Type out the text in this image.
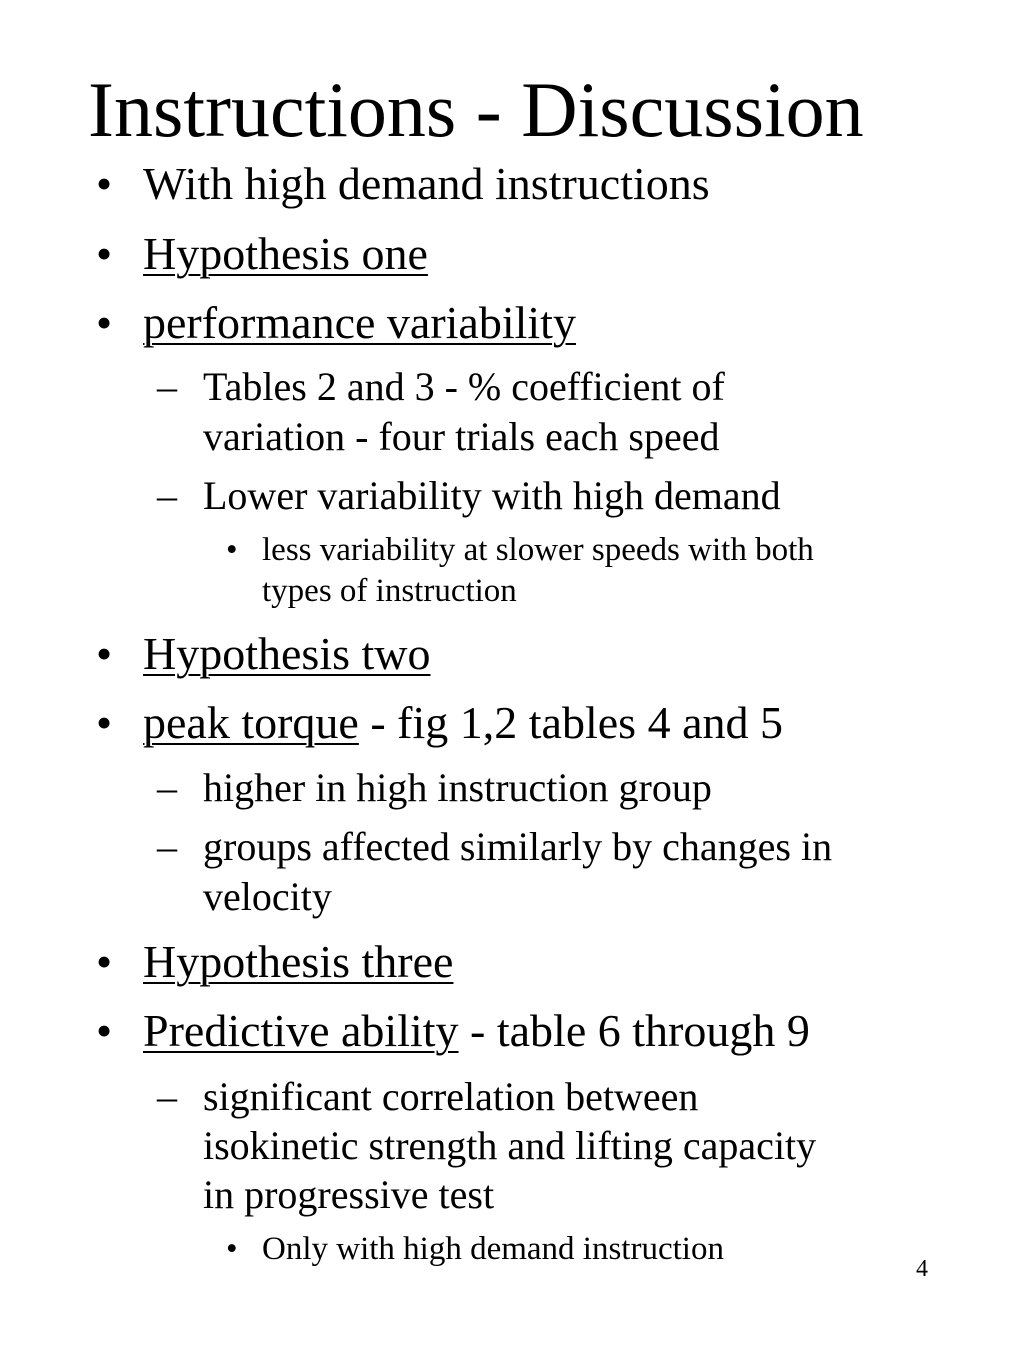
Instructions - Discussion
• With high demand instructions
• Hypothesis one
• performance variability
– Tables 2 and 3 - % coefficient of
variation - four trials each speed
– Lower variability with high demand
• less variability at slower speeds with both
types of instruction
• Hypothesis two
• peak torque - fig 1,2 tables 4 and 5
– higher in high instruction group
– groups affected similarly by changes in
velocity
• Hypothesis three
• Predictive ability - table 6 through 9
– significant correlation between
isokinetic strength and lifting capacity
in progressive test
• Only with high demand instruction
4
